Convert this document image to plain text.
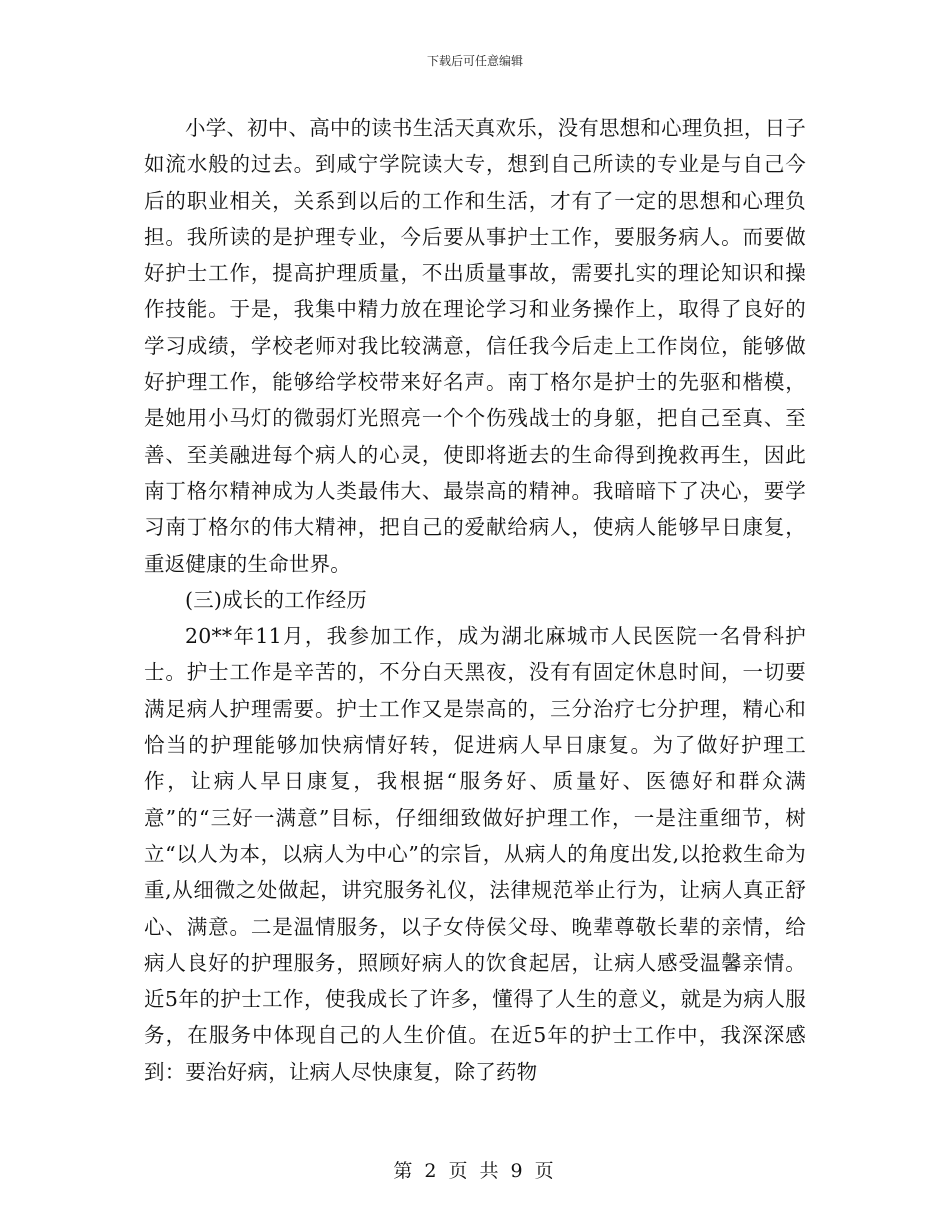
下载后可任意编辑

小学、初中、高中的读书生活天真欢乐，没有思想和心理负担，日子如流水般的过去。到咸宁学院读大专，想到自己所读的专业是与自己今后的职业相关，关系到以后的工作和生活，才有了一定的思想和心理负担。我所读的是护理专业，今后要从事护士工作，要服务病人。而要做好护士工作，提高护理质量，不出质量事故，需要扎实的理论知识和操作技能。于是，我集中精力放在理论学习和业务操作上，取得了良好的学习成绩，学校老师对我比较满意，信任我今后走上工作岗位，能够做好护理工作，能够给学校带来好名声。南丁格尔是护士的先驱和楷模，是她用小马灯的微弱灯光照亮一个个伤残战士的身躯，把自己至真、至善、至美融进每个病人的心灵，使即将逝去的生命得到挽救再生，因此南丁格尔精神成为人类最伟大、最崇高的精神。我暗暗下了决心，要学习南丁格尔的伟大精神，把自己的爱献给病人，使病人能够早日康复，重返健康的生命世界。

(三)成长的工作经历

20**年11月，我参加工作，成为湖北麻城市人民医院一名骨科护士。护士工作是辛苦的，不分白天黑夜，没有有固定休息时间，一切要满足病人护理需要。护士工作又是崇高的，三分治疗七分护理，精心和恰当的护理能够加快病情好转，促进病人早日康复。为了做好护理工作，让病人早日康复，我根据“服务好、质量好、医德好和群众满意”的“三好一满意”目标，仔细细致做好护理工作，一是注重细节，树立“以人为本，以病人为中心”的宗旨，从病人的角度出发,以抢救生命为重,从细微之处做起，讲究服务礼仪，法律规范举止行为，让病人真正舒心、满意。二是温情服务，以子女侍侯父母、晚辈尊敬长辈的亲情，给病人良好的护理服务，照顾好病人的饮食起居，让病人感受温馨亲情。近5年的护士工作，使我成长了许多，懂得了人生的意义，就是为病人服务，在服务中体现自己的人生价值。在近5年的护士工作中，我深深感到：要治好病，让病人尽快康复，除了药物

第 2 页 共 9 页
